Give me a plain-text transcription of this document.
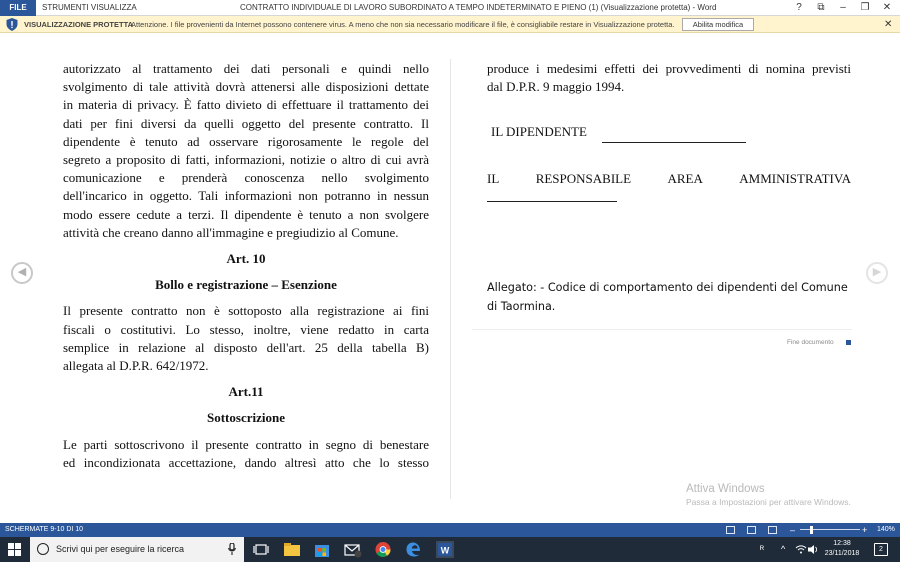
FILE	STRUMENTI VISUALIZZA	CONTRATTO INDIVIDUALE DI LAVORO SUBORDINATO A TEMPO INDETERMINATO E PIENO (1) (Visualizzazione protetta) - Word	?	⧉	–	❐	✕
VISUALIZZAZIONE PROTETTA
Attenzione. I file provenienti da Internet possono contenere virus. A meno che non sia necessario modificare il file, è consigliabile restare in Visualizzazione protetta.	Abilita modifica	✕
◀	▶

autorizzato al trattamento dei dati personali e quindi nello

svolgimento di tale attività dovrà attenersi alle disposizioni dettate

in materia di privacy. È fatto divieto di effettuare il trattamento dei

dati per fini diversi da quelli oggetto del presente contratto. Il

dipendente è tenuto ad osservare rigorosamente le regole del

segreto a proposito di fatti, informazioni, notizie o altro di cui avrà

comunicazione e prenderà conoscenza nello svolgimento

dell'incarico in oggetto. Tali informazioni non potranno in nessun

modo essere cedute a terzi. Il dipendente è tenuto a non svolgere

attività che creano danno all'immagine e pregiudizio al Comune.

Art. 10
Bollo e registrazione – Esenzione

Il presente contratto non è sottoposto alla registrazione ai fini

fiscali o costitutivi. Lo stesso, inoltre, viene redatto in carta

semplice in relazione al disposto dell'art. 25 della tabella B)

allegata al D.P.R. 642/1972.

Art.11
Sottoscrizione

Le parti sottoscrivono il presente contratto in segno di benestare

ed incondizionata accettazione, dando altresì atto che lo stesso

produce i medesimi effetti dei provvedimenti di nomina previsti

dal D.P.R. 9 maggio 1994.

IL DIPENDENTE
IL	RESPONSABILE	AREA	AMMINISTRATIVA
Allegato: - Codice di comportamento dei dipendenti del Comune di Taormina.
Fine documento
Attiva Windows
Passa a Impostazioni per attivare Windows.
SCHERMATE 9-10 DI 10	–	+ 140%
Scrivi qui per eseguire la ricerca	W	ᴿ ^
12:38
23/11/2018
2
